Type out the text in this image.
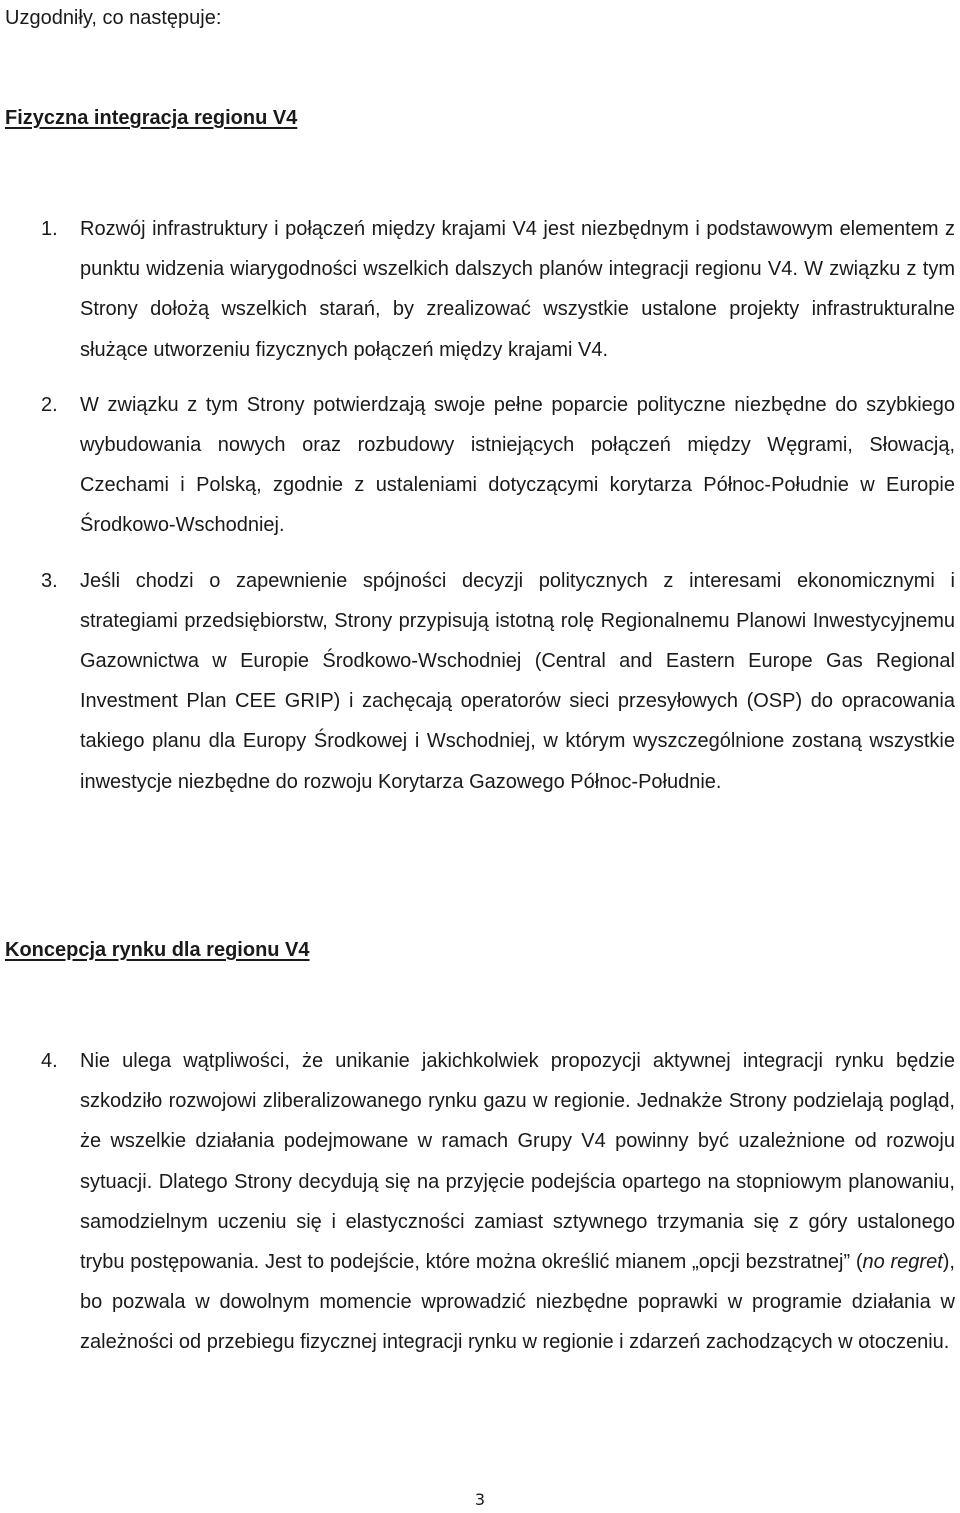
Uzgodniły, co następuje:

Fizyczna integracja regionu V4
1. Rozwój infrastruktury i połączeń między krajami V4 jest niezbędnym i podstawowym elementem z punktu widzenia wiarygodności wszelkich dalszych planów integracji regionu V4. W związku z tym Strony dołożą wszelkich starań, by zrealizować wszystkie ustalone projekty infrastrukturalne służące utworzeniu fizycznych połączeń między krajami V4.
2. W związku z tym Strony potwierdzają swoje pełne poparcie polityczne niezbędne do szybkiego wybudowania nowych oraz rozbudowy istniejących połączeń między Węgrami, Słowacją, Czechami i Polską, zgodnie z ustaleniami dotyczącymi korytarza Północ-Południe w Europie Środkowo-Wschodniej.
3. Jeśli chodzi o zapewnienie spójności decyzji politycznych z interesami ekonomicznymi i strategiami przedsiębiorstw, Strony przypisują istotną rolę Regionalnemu Planowi Inwestycyjnemu Gazownictwa w Europie Środkowo-Wschodniej (Central and Eastern Europe Gas Regional Investment Plan CEE GRIP) i zachęcają operatorów sieci przesyłowych (OSP) do opracowania takiego planu dla Europy Środkowej i Wschodniej, w którym wyszczególnione zostaną wszystkie inwestycje niezbędne do rozwoju Korytarza Gazowego Północ-Południe.
Koncepcja rynku dla regionu V4
4. Nie ulega wątpliwości, że unikanie jakichkolwiek propozycji aktywnej integracji rynku będzie szkodziło rozwojowi zliberalizowanego rynku gazu w regionie. Jednakże Strony podzielają pogląd, że wszelkie działania podejmowane w ramach Grupy V4 powinny być uzależnione od rozwoju sytuacji. Dlatego Strony decydują się na przyjęcie podejścia opartego na stopniowym planowaniu, samodzielnym uczeniu się i elastyczności zamiast sztywnego trzymania się z góry ustalonego trybu postępowania. Jest to podejście, które można określić mianem „opcji bezstratnej” (no regret), bo pozwala w dowolnym momencie wprowadzić niezbędne poprawki w programie działania w zależności od przebiegu fizycznej integracji rynku w regionie i zdarzeń zachodzących w otoczeniu.

3
